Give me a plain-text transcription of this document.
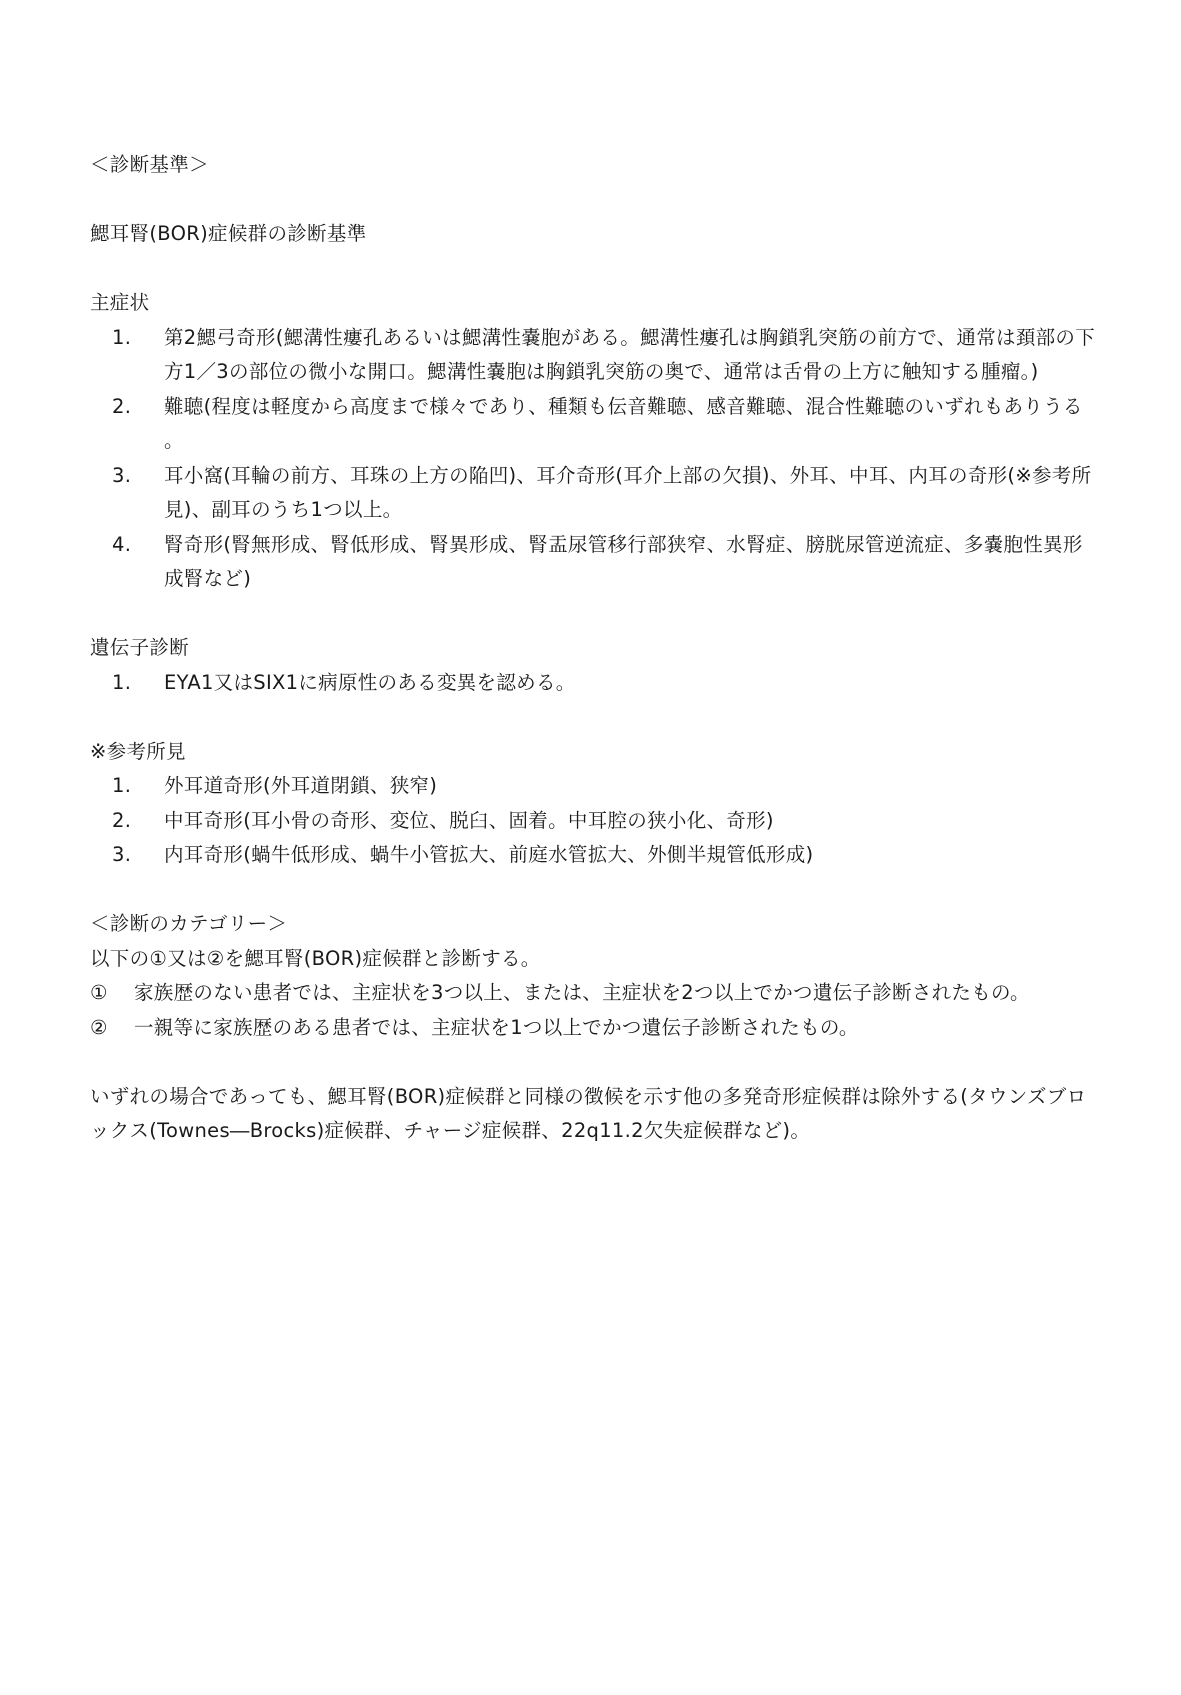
＜診断基準＞

鰓耳腎(BOR)症候群の診断基準

主症状

1.	第2鰓弓奇形(鰓溝性瘻孔あるいは鰓溝性嚢胞がある。鰓溝性瘻孔は胸鎖乳突筋の前方で、通常は頚部の下方1／3の部位の微小な開口。鰓溝性嚢胞は胸鎖乳突筋の奥で、通常は舌骨の上方に触知する腫瘤。)
2.	難聴(程度は軽度から高度まで様々であり、種類も伝音難聴、感音難聴、混合性難聴のいずれもありうる。
3.	耳小窩(耳輪の前方、耳珠の上方の陥凹)、耳介奇形(耳介上部の欠損)、外耳、中耳、内耳の奇形(※参考所見)、副耳のうち1つ以上。
4.	腎奇形(腎無形成、腎低形成、腎異形成、腎盂尿管移行部狭窄、水腎症、膀胱尿管逆流症、多嚢胞性異形成腎など)

遺伝子診断

1.	EYA1又はSIX1に病原性のある変異を認める。

※参考所見

1.	外耳道奇形(外耳道閉鎖、狭窄)
2.	中耳奇形(耳小骨の奇形、変位、脱臼、固着。中耳腔の狭小化、奇形)
3.	内耳奇形(蝸牛低形成、蝸牛小管拡大、前庭水管拡大、外側半規管低形成)

＜診断のカテゴリー＞

以下の①又は②を鰓耳腎(BOR)症候群と診断する。

①	家族歴のない患者では、主症状を3つ以上、または、主症状を2つ以上でかつ遺伝子診断されたもの。
②	一親等に家族歴のある患者では、主症状を1つ以上でかつ遺伝子診断されたもの。

いずれの場合であっても、鰓耳腎(BOR)症候群と同様の徴候を示す他の多発奇形症候群は除外する(タウンズブロックス(Townes―Brocks)症候群、チャージ症候群、22q11.2欠失症候群など)。
